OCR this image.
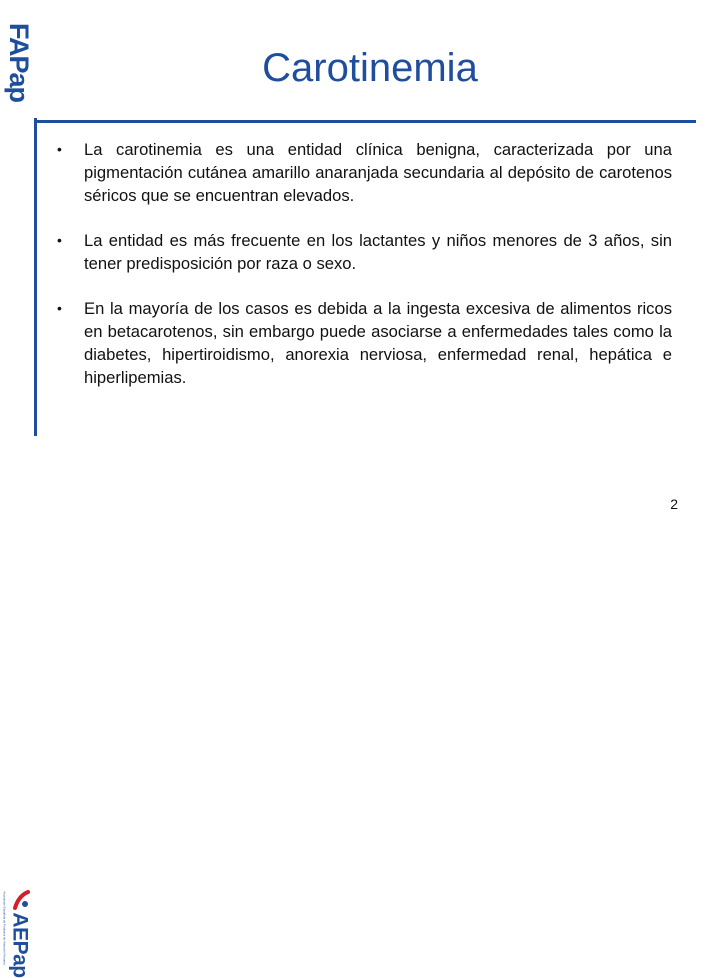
FAPap	Carotinemia
• La carotinemia es una entidad clínica benigna, caracterizada por una pigmentación cutánea amarillo anaranjada secundaria al depósito de carotenos séricos que se encuentran elevados.
• La entidad es más frecuente en los lactantes y niños menores de 3 años, sin tener predisposición por raza o sexo.
• En la mayoría de los casos es debida a la ingesta excesiva de alimentos ricos en betacarotenos, sin embargo puede asociarse a enfermedades tales como la diabetes, hipertiroidismo, anorexia nerviosa, enfermedad renal, hepática e hiperlipemias.
Asociación Española de Pediatría de Atención Primaria AEPap
2
